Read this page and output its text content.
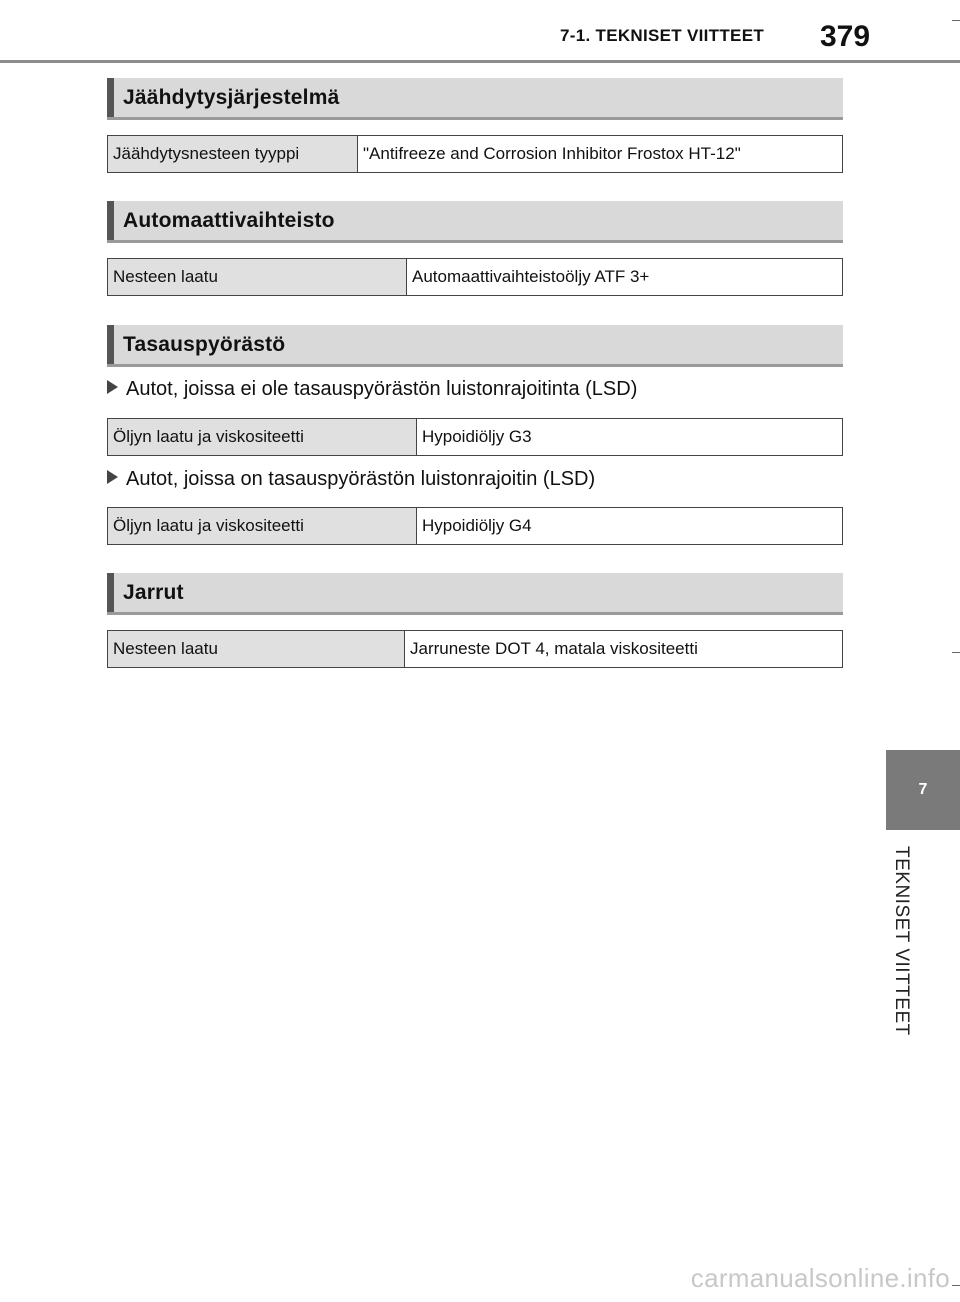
7-1. TEKNISET VIITTEET	379
Jäähdytysjärjestelmä
Jäähdytysnesteen tyyppi	"Antifreeze and Corrosion Inhibitor Frostox HT-12"
Automaattivaihteisto
Nesteen laatu	Automaattivaihteistoöljy ATF 3+
Tasauspyörästö
Autot, joissa ei ole tasauspyörästön luistonrajoitinta (LSD)
Öljyn laatu ja viskositeetti	Hypoidiöljy G3
Autot, joissa on tasauspyörästön luistonrajoitin (LSD)
Öljyn laatu ja viskositeetti	Hypoidiöljy G4
Jarrut
Nesteen laatu	Jarruneste DOT 4, matala viskositeetti
7
TEKNISET VIITTEET
carmanualsonline.info
